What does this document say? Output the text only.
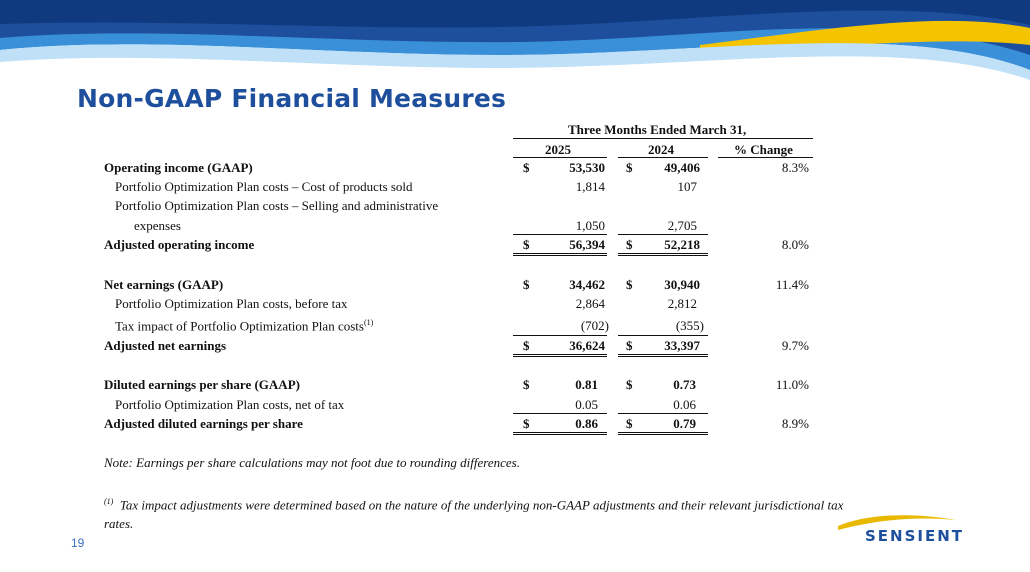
Non-GAAP Financial Measures
Three Months Ended March 31,
2025	2024	% Change
Operating income (GAAP)	$	53,530 $	49,406	8.3%
Portfolio Optimization Plan costs – Cost of products sold	1,814	107
Portfolio Optimization Plan costs – Selling and administrative
expenses	1,050	2,705
Adjusted operating income	$	56,394 $	52,218	8.0%
Net earnings (GAAP)	$	34,462 $	30,940	11.4%
Portfolio Optimization Plan costs, before tax	2,864	2,812
Tax impact of Portfolio Optimization Plan costs$^{(1)}$	(702)	(355)
Adjusted net earnings	$	36,624 $	33,397	9.7%
Diluted earnings per share (GAAP)	$	0.81 $	0.73	11.0%
Portfolio Optimization Plan costs, net of tax	0.05	0.06
Adjusted diluted earnings per share	$	0.86 $	0.79	8.9%
Note: Earnings per share calculations may not foot due to rounding differences.
$^{(1)}$ Tax impact adjustments were determined based on the nature of the underlying non-GAAP adjustments and their relevant jurisdictional tax rates.
19	SENSIENT
